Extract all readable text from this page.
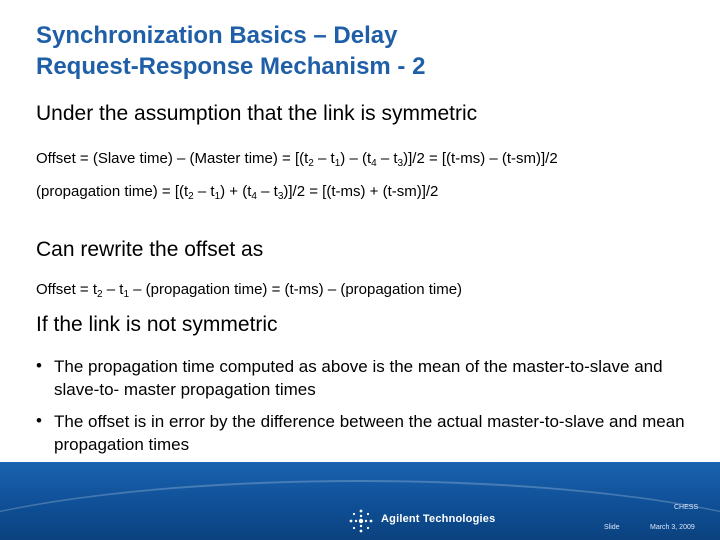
Synchronization Basics – Delay
Request-Response Mechanism - 2
Under the assumption that the link is symmetric
Offset = (Slave time) – (Master time) = $[(t_2 - t_1) - (t_4 - t_3)]/2 = [(t-ms) - (t-sm)]/2$
(propagation time) = $[(t_2 - t_1) + (t_4 - t_3)]/2 = [(t-ms) + (t-sm)]/2$
Can rewrite the offset as
Offset = $t_2 - t_1$ – (propagation time) = (t-ms) – (propagation time)
If the link is not symmetric
• The propagation time computed as above is the mean of the master-to-slave and slave-to- master propagation times
• The offset is in error by the difference between the actual master-to-slave and mean propagation times
CHESS
Agilent Technologies
Slide	March 3, 2009
